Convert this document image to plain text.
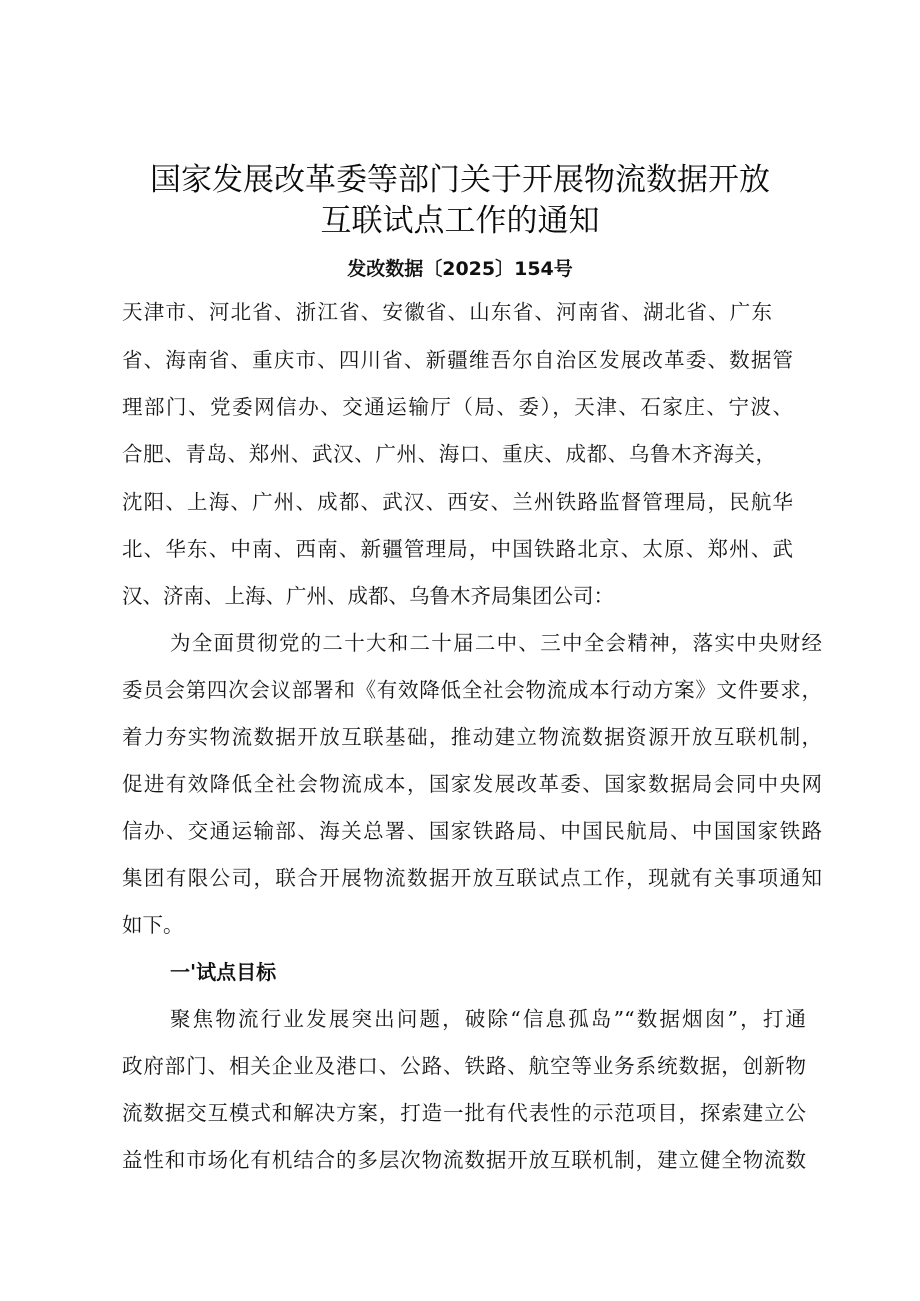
国家发展改革委等部门关于开展物流数据开放
互联试点工作的通知
发改数据〔2025〕154号
天津市、河北省、浙江省、安徽省、山东省、河南省、湖北省、广东
省、海南省、重庆市、四川省、新疆维吾尔自治区发展改革委、数据管
理部门、党委网信办、交通运输厅（局、委），天津、石家庄、宁波、
合肥、青岛、郑州、武汉、广州、海口、重庆、成都、乌鲁木齐海关，
沈阳、上海、广州、成都、武汉、西安、兰州铁路监督管理局，民航华
北、华东、中南、西南、新疆管理局，中国铁路北京、太原、郑州、武
汉、济南、上海、广州、成都、乌鲁木齐局集团公司：
为全面贯彻党的二十大和二十届二中、三中全会精神，落实中央财经
委员会第四次会议部署和《有效降低全社会物流成本行动方案》文件要求，
着力夯实物流数据开放互联基础，推动建立物流数据资源开放互联机制，
促进有效降低全社会物流成本，国家发展改革委、国家数据局会同中央网
信办、交通运输部、海关总署、国家铁路局、中国民航局、中国国家铁路
集团有限公司，联合开展物流数据开放互联试点工作，现就有关事项通知
如下。
一'试点目标
聚焦物流行业发展突出问题，破除“信息孤岛”“数据烟囱”，打通
政府部门、相关企业及港口、公路、铁路、航空等业务系统数据，创新物
流数据交互模式和解决方案，打造一批有代表性的示范项目，探索建立公
益性和市场化有机结合的多层次物流数据开放互联机制，建立健全物流数
